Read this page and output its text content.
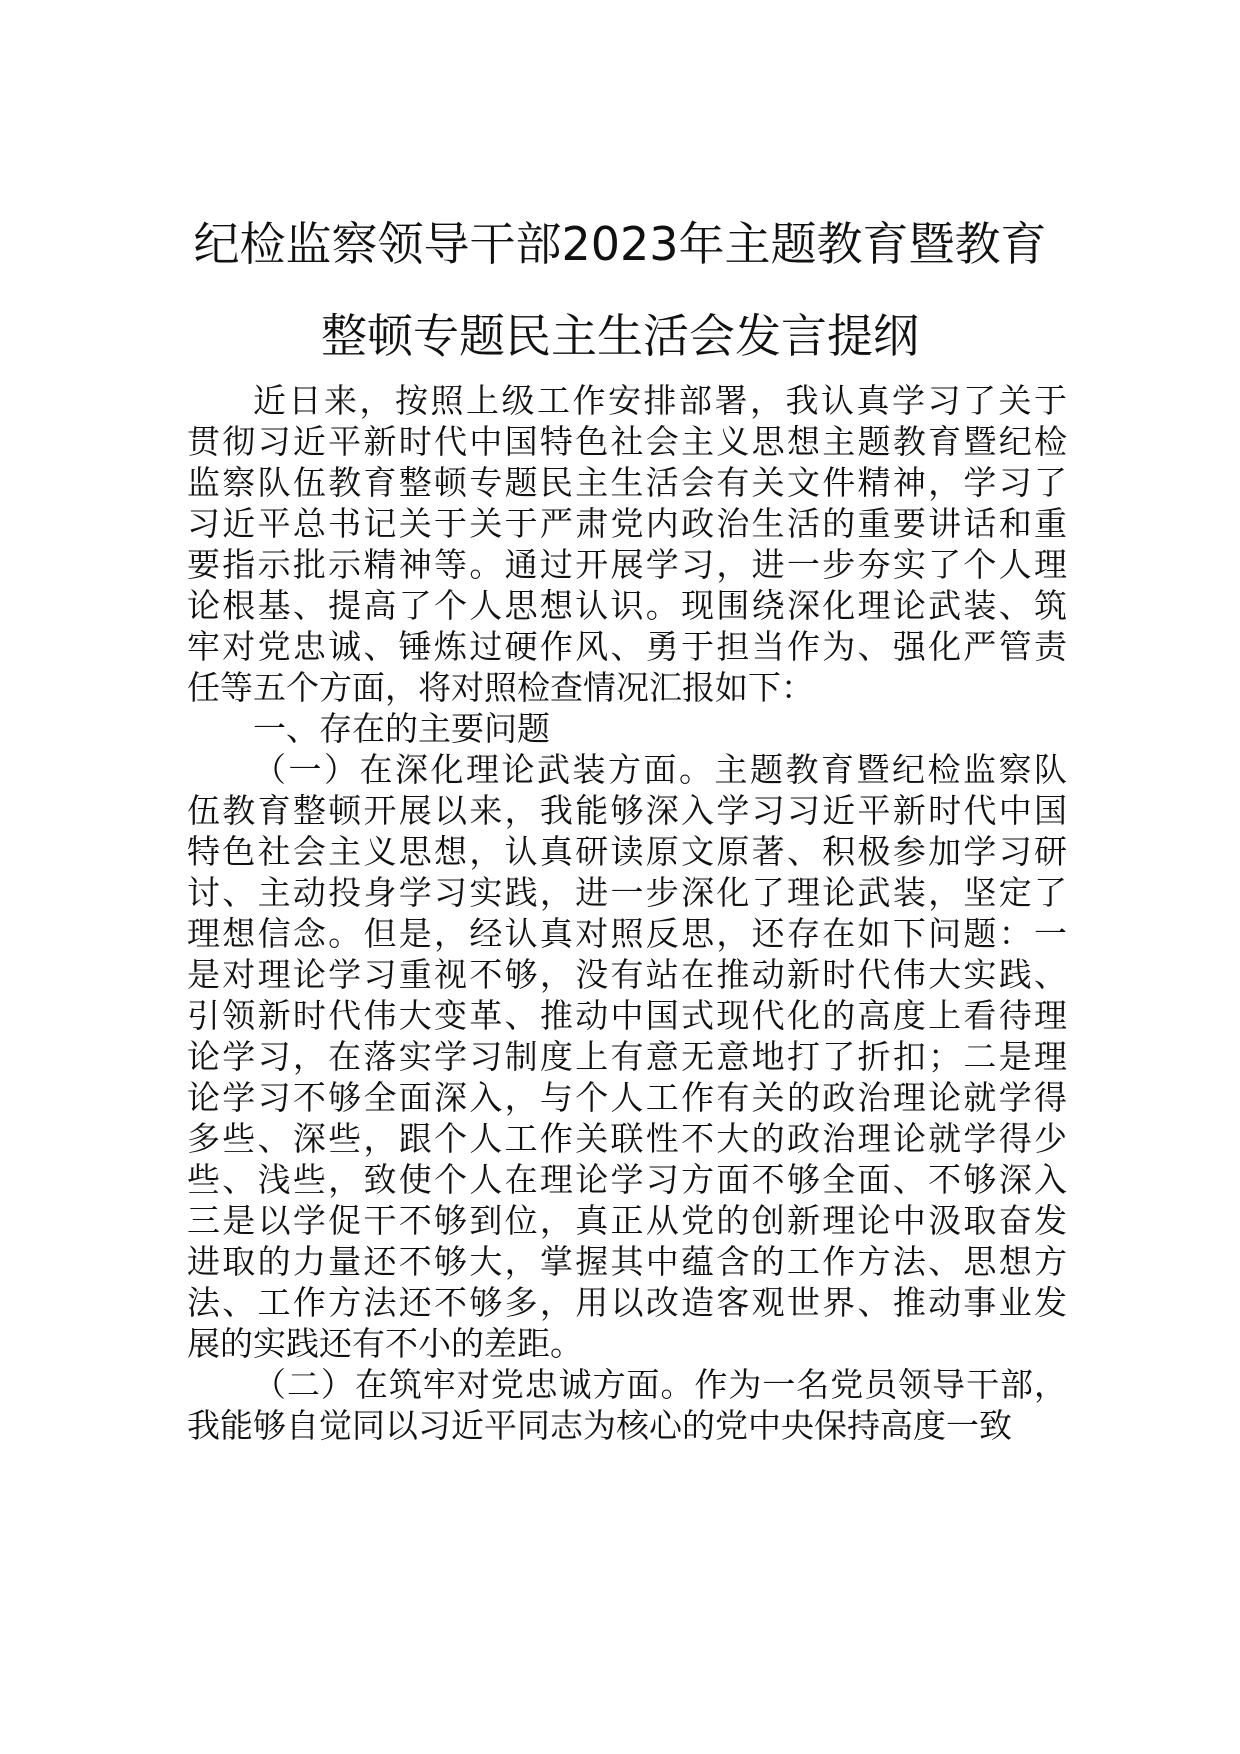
纪检监察领导干部2023年主题教育暨教育
整顿专题民主生活会发言提纲

近日来，按照上级工作安排部署，我认真学习了关于

贯彻习近平新时代中国特色社会主义思想主题教育暨纪检

监察队伍教育整顿专题民主生活会有关文件精神，学习了

习近平总书记关于关于严肃党内政治生活的重要讲话和重

要指示批示精神等。通过开展学习，进一步夯实了个人理

论根基、提高了个人思想认识。现围绕深化理论武装、筑

牢对党忠诚、锤炼过硬作风、勇于担当作为、强化严管责

任等五个方面，将对照检查情况汇报如下：

一、存在的主要问题

（一）在深化理论武装方面。主题教育暨纪检监察队

伍教育整顿开展以来，我能够深入学习习近平新时代中国

特色社会主义思想，认真研读原文原著、积极参加学习研

讨、主动投身学习实践，进一步深化了理论武装，坚定了

理想信念。但是，经认真对照反思，还存在如下问题：一

是对理论学习重视不够，没有站在推动新时代伟大实践、

引领新时代伟大变革、推动中国式现代化的高度上看待理

论学习，在落实学习制度上有意无意地打了折扣；二是理

论学习不够全面深入，与个人工作有关的政治理论就学得

多些、深些，跟个人工作关联性不大的政治理论就学得少

些、浅些，致使个人在理论学习方面不够全面、不够深入

三是以学促干不够到位，真正从党的创新理论中汲取奋发

进取的力量还不够大，掌握其中蕴含的工作方法、思想方

法、工作方法还不够多，用以改造客观世界、推动事业发

展的实践还有不小的差距。

（二）在筑牢对党忠诚方面。作为一名党员领导干部，

我能够自觉同以习近平同志为核心的党中央保持高度一致
